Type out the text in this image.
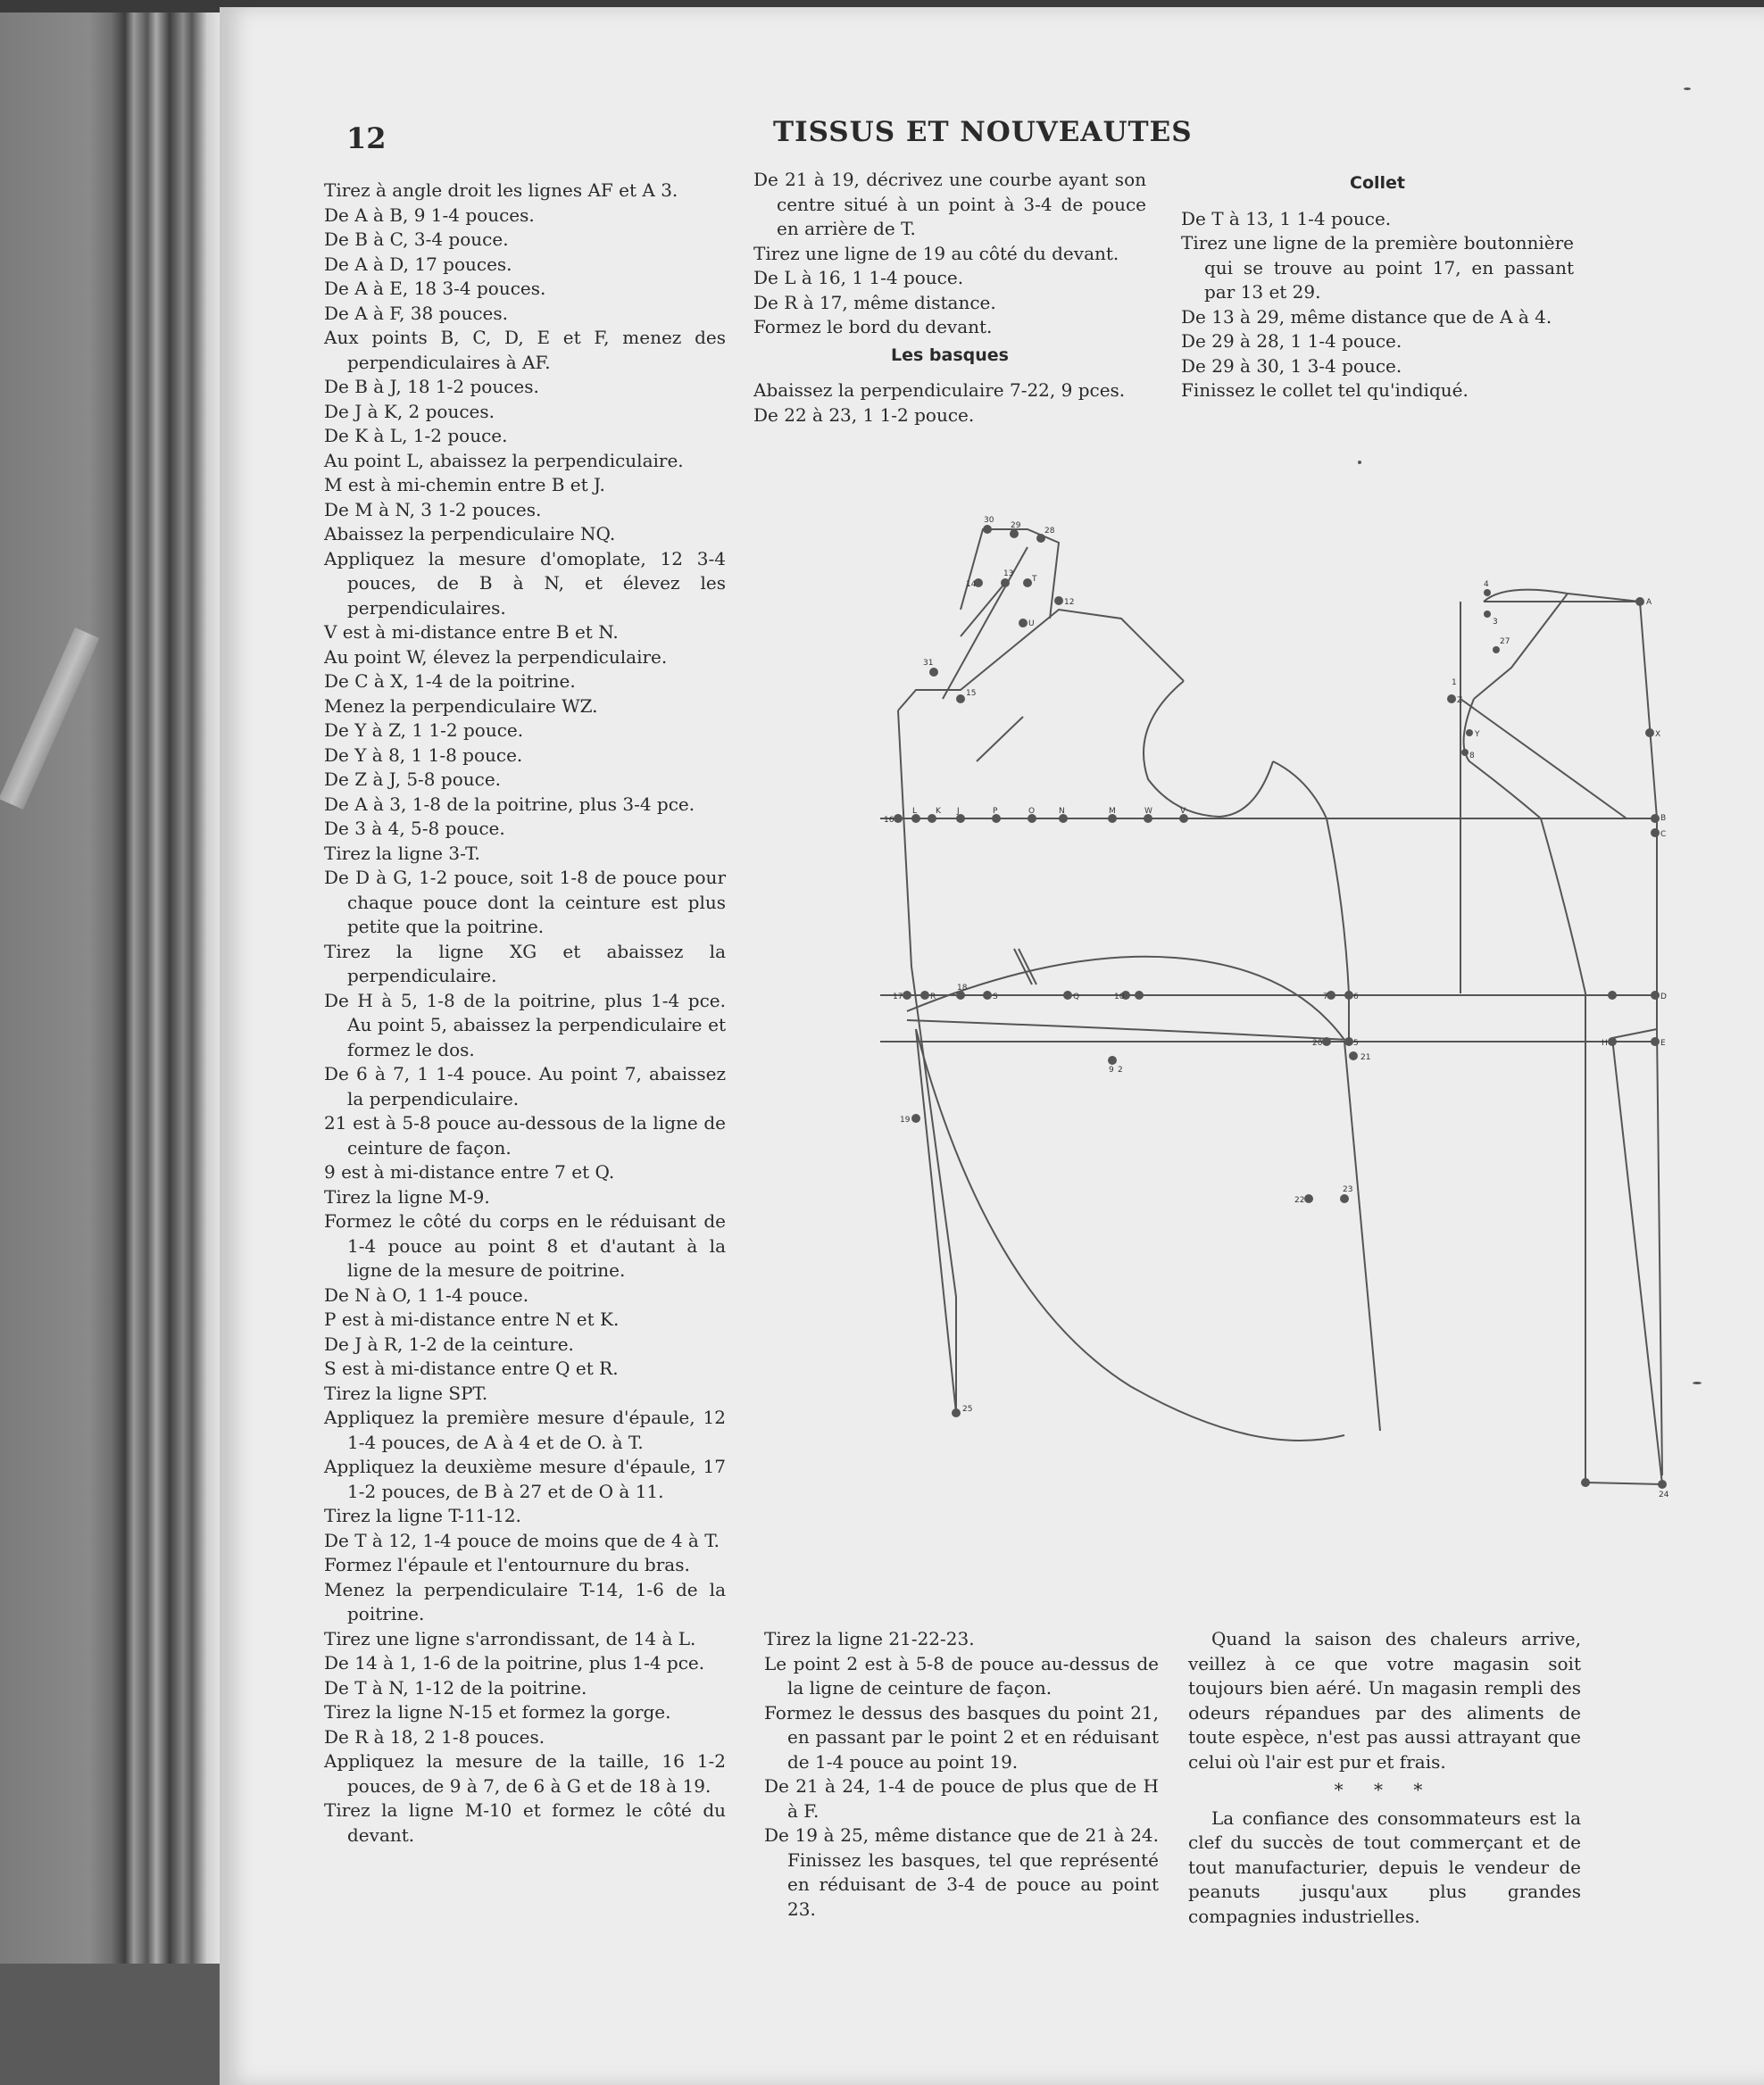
12	TISSUS ET NOUVEAUTES
Tirez à angle droit les lignes AF et A 3.
De A à B, 9 1-4 pouces.
De B à C, 3-4 pouce.
De A à D, 17 pouces.
De A à E, 18 3-4 pouces.
De A à F, 38 pouces.
Aux points B, C, D, E et F, menez des perpendiculaires à AF.
De B à J, 18 1-2 pouces.
De J à K, 2 pouces.
De K à L, 1-2 pouce.
Au point L, abaissez la perpendiculaire.
M est à mi-chemin entre B et J.
De M à N, 3 1-2 pouces.
Abaissez la perpendiculaire NQ.
Appliquez la mesure d'omoplate, 12 3-4 pouces, de B à N, et élevez les perpendiculaires.
V est à mi-distance entre B et N.
Au point W, élevez la perpendiculaire.
De C à X, 1-4 de la poitrine.
Menez la perpendiculaire WZ.
De Y à Z, 1 1-2 pouce.
De Y à 8, 1 1-8 pouce.
De Z à J, 5-8 pouce.
De A à 3, 1-8 de la poitrine, plus 3-4 pce.
De 3 à 4, 5-8 pouce.
Tirez la ligne 3-T.
De D à G, 1-2 pouce, soit 1-8 de pouce pour chaque pouce dont la ceinture est plus petite que la poitrine.
Tirez la ligne XG et abaissez la perpendiculaire.
De H à 5, 1-8 de la poitrine, plus 1-4 pce. Au point 5, abaissez la perpendiculaire et formez le dos.
De 6 à 7, 1 1-4 pouce. Au point 7, abaissez la perpendiculaire.
21 est à 5-8 pouce au-dessous de la ligne de ceinture de façon.
9 est à mi-distance entre 7 et Q.
Tirez la ligne M-9.
Formez le côté du corps en le réduisant de 1-4 pouce au point 8 et d'autant à la ligne de la mesure de poitrine.
De N à O, 1 1-4 pouce.
P est à mi-distance entre N et K.
De J à R, 1-2 de la ceinture.
S est à mi-distance entre Q et R.
Tirez la ligne SPT.
Appliquez la première mesure d'épaule, 12 1-4 pouces, de A à 4 et de O. à T.
Appliquez la deuxième mesure d'épaule, 17 1-2 pouces, de B à 27 et de O à 11.
Tirez la ligne T-11-12.
De T à 12, 1-4 pouce de moins que de 4 à T.
Formez l'épaule et l'entournure du bras.
Menez la perpendiculaire T-14, 1-6 de la poitrine.
Tirez une ligne s'arrondissant, de 14 à L.
De 14 à 1, 1-6 de la poitrine, plus 1-4 pce.
De T à N, 1-12 de la poitrine.
Tirez la ligne N-15 et formez la gorge.
De R à 18, 2 1-8 pouces.
Appliquez la mesure de la taille, 16 1-2 pouces, de 9 à 7, de 6 à G et de 18 à 19.
Tirez la ligne M-10 et formez le côté du devant.
De 21 à 19, décrivez une courbe ayant son centre situé à un point à 3-4 de pouce en arrière de T.
Tirez une ligne de 19 au côté du devant.
De L à 16, 1 1-4 pouce.
De R à 17, même distance.
Formez le bord du devant.
Les basques
Abaissez la perpendiculaire 7-22, 9 pces.
De 22 à 23, 1 1-2 pouce.
Collet
De T à 13, 1 1-4 pouce.
Tirez une ligne de la première boutonnière qui se trouve au point 17, en passant par 13 et 29.
De 13 à 29, même distance que de A à 4.
De 29 à 28, 1 1-4 pouce.
De 29 à 30, 1 3-4 pouce.
Finissez le collet tel qu'indiqué.
A
B
C
D
E
H
X
Y
Z
T
U
J
L K	P	O	N	M	W	V
R	S	Q
1
2
3
4
5
6
7
8
9
10
12
13
14
15
16
17
18
19
20
21
22
23
24
25
27
28
29
30
31
Tirez la ligne 21-22-23.
Le point 2 est à 5-8 de pouce au-dessus de la ligne de ceinture de façon.
Formez le dessus des basques du point 21, en passant par le point 2 et en réduisant de 1-4 pouce au point 19.
De 21 à 24, 1-4 de pouce de plus que de H à F.
De 19 à 25, même distance que de 21 à 24. Finissez les basques, tel que représenté en réduisant de 3-4 de pouce au point 23.
Quand la saison des chaleurs arrive, veillez à ce que votre magasin soit toujours bien aéré. Un magasin rempli des odeurs répandues par des aliments de toute espèce, n'est pas aussi attrayant que celui où l'air est pur et frais.
* * *
La confiance des consommateurs est la clef du succès de tout commerçant et de tout manufacturier, depuis le vendeur de peanuts jusqu'aux plus grandes compagnies industrielles.
